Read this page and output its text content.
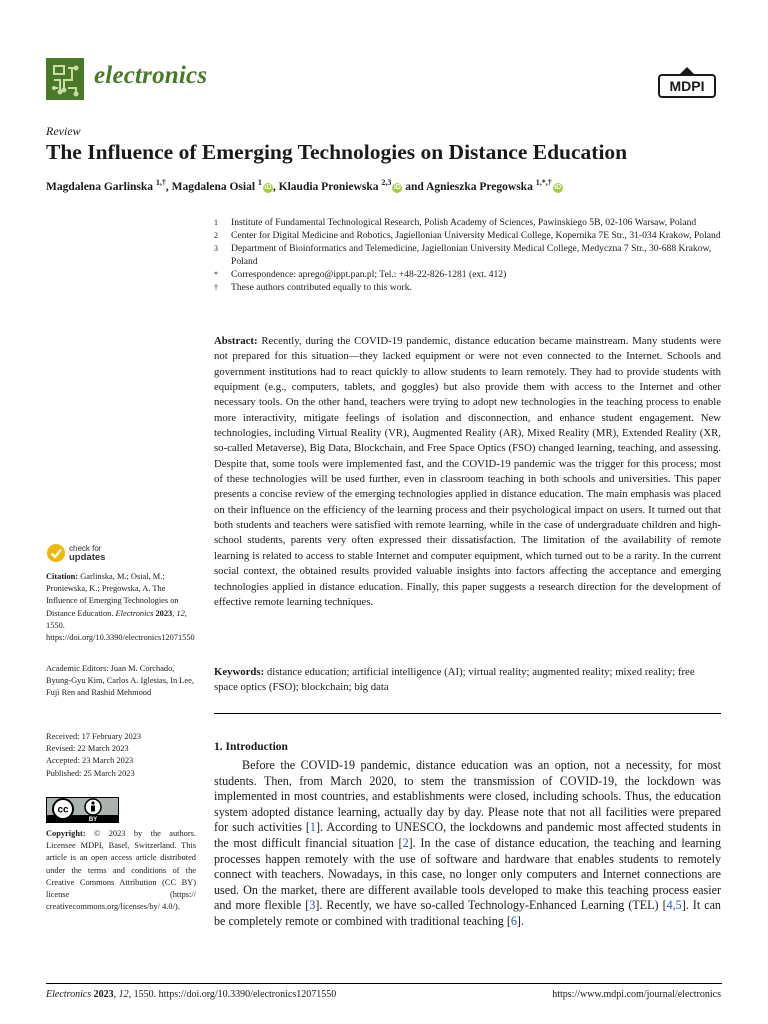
electronics	MDPI
Review
The Influence of Emerging Technologies on Distance Education
Magdalena Garlinska $^{1,\dagger}$, Magdalena Osial $^1$iD , Klaudia Proniewska $^{2,3}$iD and Agnieszka Pregowska $^{1,*,\dagger}$iD
1	Institute of Fundamental Technological Research, Polish Academy of Sciences, Pawinskiego 5B, 02-106 Warsaw, Poland
2	Center for Digital Medicine and Robotics, Jagiellonian University Medical College, Kopernika 7E Str., 31-034 Krakow, Poland
3	Department of Bioinformatics and Telemedicine, Jagiellonian University Medical College, Medyczna 7 Str., 30-688 Krakow, Poland
*	Correspondence: aprego@ippt.pan.pl; Tel.: +48-22-826-1281 (ext. 412)
†	These authors contributed equally to this work.
Abstract: Recently, during the COVID-19 pandemic, distance education became mainstream. Many students were not prepared for this situation—they lacked equipment or were not even connected to the Internet. Schools and government institutions had to react quickly to allow students to learn remotely. They had to provide students with equipment (e.g., computers, tablets, and goggles) but also provide them with access to the Internet and other necessary tools. On the other hand, teachers were trying to adopt new technologies in the teaching process to enable more interactivity, mitigate feelings of isolation and disconnection, and enhance student engagement. New technologies, including Virtual Reality (VR), Augmented Reality (AR), Mixed Reality (MR), Extended Reality (XR, so-called Metaverse), Big Data, Blockchain, and Free Space Optics (FSO) changed learning, teaching, and assessing. Despite that, some tools were implemented fast, and the COVID-19 pandemic was the trigger for this process; most of these technologies will be used further, even in classroom teaching in both schools and universities. This paper presents a concise review of the emerging technologies applied in distance education. The main emphasis was placed on their influence on the efficiency of the learning process and their psychological impact on users. It turned out that both students and teachers were satisfied with remote learning, while in the case of undergraduate children and high-school students, parents very often expressed their dissatisfaction. The limitation of the availability of remote learning is related to access to stable Internet and computer equipment, which turned out to be a rarity. In the current social context, the obtained results provided valuable insights into factors affecting the acceptance and emerging technologies applied in distance education. Finally, this paper suggests a research direction for the development of effective remote learning techniques.
Keywords: distance education; artificial intelligence (AI); virtual reality; augmented reality; mixed reality; free space optics (FSO); blockchain; big data
1. Introduction
Before the COVID-19 pandemic, distance education was an option, not a necessity, for most students. Then, from March 2020, to stem the transmission of COVID-19, the lockdown was implemented in most countries, and establishments were closed, including schools. Thus, the education system adopted distance learning, actually day by day. Please note that not all facilities were prepared for such activities [1]. According to UNESCO, the lockdowns and pandemic most affected students in the most difficult financial situation [2]. In the case of distance education, the teaching and learning processes happen remotely with the use of software and hardware that enables students to remotely connect with teachers. Nowadays, in this case, no longer only computers and Internet connections are used. On the market, there are different available tools developed to make this teaching process easier and more flexible [3]. Recently, we have so-called Technology-Enhanced Learning (TEL) [4,5]. It can be completely remote or combined with traditional teaching [6].
check for
updates
Citation: Garlinska, M.; Osial, M.; Proniewska, K.; Pregowska, A. The Influence of Emerging Technologies on Distance Education. Electronics 2023, 12, 1550. https://doi.org/10.3390/electronics12071550
Academic Editors: Juan M. Corchado, Byung-Gyu Kim, Carlos A. Iglesias, In Lee, Fuji Ren and Rashid Mehmood
Received: 17 February 2023
Revised: 22 March 2023
Accepted: 23 March 2023
Published: 25 March 2023
cc
BY
Copyright: © 2023 by the authors. Licensee MDPI, Basel, Switzerland. This article is an open access article distributed under the terms and conditions of the Creative Commons Attribution (CC BY) license (https:// creativecommons.org/licenses/by/ 4.0/).
Electronics 2023, 12, 1550. https://doi.org/10.3390/electronics12071550	https://www.mdpi.com/journal/electronics
